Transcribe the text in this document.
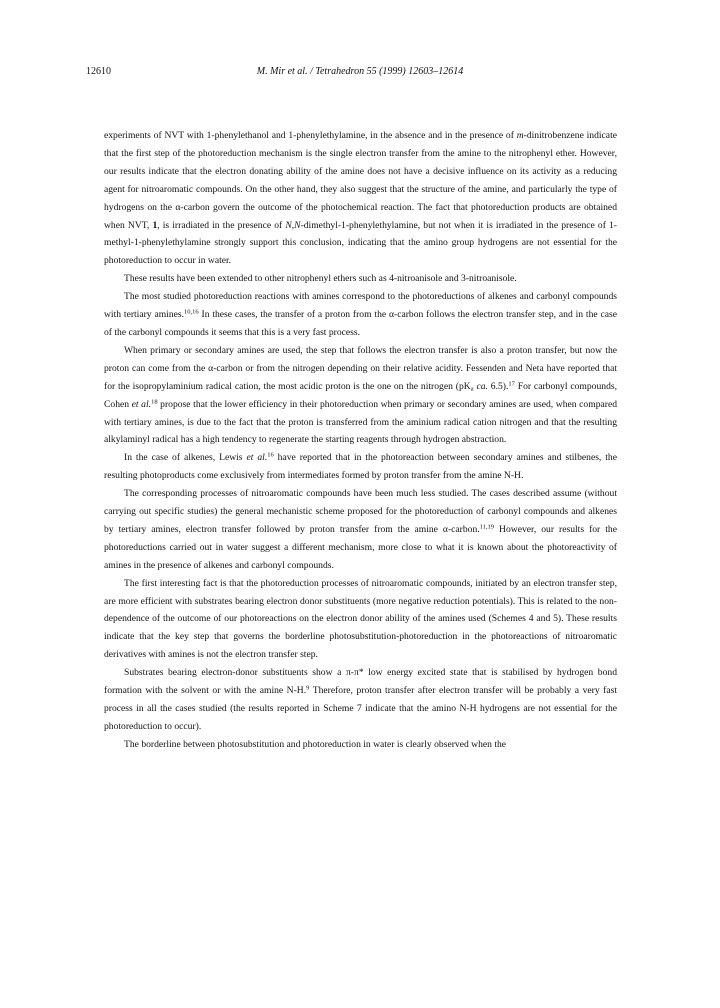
12610	M. Mir et al. / Tetrahedron 55 (1999) 12603–12614

experiments of NVT with 1-phenylethanol and 1-phenylethylamine, in the absence and in the presence of m-dinitrobenzene indicate that the first step of the photoreduction mechanism is the single electron transfer from the amine to the nitrophenyl ether. However, our results indicate that the electron donating ability of the amine does not have a decisive influence on its activity as a reducing agent for nitroaromatic compounds. On the other hand, they also suggest that the structure of the amine, and particularly the type of hydrogens on the α-carbon govern the outcome of the photochemical reaction. The fact that photoreduction products are obtained when NVT, 1, is irradiated in the presence of N,N-dimethyl-1-phenylethylamine, but not when it is irradiated in the presence of 1-methyl-1-phenylethylamine strongly support this conclusion, indicating that the amino group hydrogens are not essential for the photoreduction to occur in water.

These results have been extended to other nitrophenyl ethers such as 4-nitroanisole and 3-nitroanisole.

The most studied photoreduction reactions with amines correspond to the photoreductions of alkenes and carbonyl compounds with tertiary amines.$^{10,16}$ In these cases, the transfer of a proton from the α-carbon follows the electron transfer step, and in the case of the carbonyl compounds it seems that this is a very fast process.

When primary or secondary amines are used, the step that follows the electron transfer is also a proton transfer, but now the proton can come from the α-carbon or from the nitrogen depending on their relative acidity. Fessenden and Neta have reported that for the isopropylaminium radical cation, the most acidic proton is the one on the nitrogen ($pK_a$ ca. 6.5).$^{17}$ For carbonyl compounds, Cohen et al.$^{18}$ propose that the lower efficiency in their photoreduction when primary or secondary amines are used, when compared with tertiary amines, is due to the fact that the proton is transferred from the aminium radical cation nitrogen and that the resulting alkylaminyl radical has a high tendency to regenerate the starting reagents through hydrogen abstraction.

In the case of alkenes, Lewis et al.$^{16}$ have reported that in the photoreaction between secondary amines and stilbenes, the resulting photoproducts come exclusively from intermediates formed by proton transfer from the amine N-H.

The corresponding processes of nitroaromatic compounds have been much less studied. The cases described assume (without carrying out specific studies) the general mechanistic scheme proposed for the photoreduction of carbonyl compounds and alkenes by tertiary amines, electron transfer followed by proton transfer from the amine α-carbon.$^{11,19}$ However, our results for the photoreductions carried out in water suggest a different mechanism, more close to what it is known about the photoreactivity of amines in the presence of alkenes and carbonyl compounds.

The first interesting fact is that the photoreduction processes of nitroaromatic compounds, initiated by an electron transfer step, are more efficient with substrates bearing electron donor substituents (more negative reduction potentials). This is related to the non-dependence of the outcome of our photoreactions on the electron donor ability of the amines used (Schemes 4 and 5). These results indicate that the key step that governs the borderline photosubstitution-photoreduction in the photoreactions of nitroaromatic derivatives with amines is not the electron transfer step.

Substrates bearing electron-donor substituents show a π-π* low energy excited state that is stabilised by hydrogen bond formation with the solvent or with the amine N-H.$^9$ Therefore, proton transfer after electron transfer will be probably a very fast process in all the cases studied (the results reported in Scheme 7 indicate that the amino N-H hydrogens are not essential for the photoreduction to occur).

The borderline between photosubstitution and photoreduction in water is clearly observed when the
